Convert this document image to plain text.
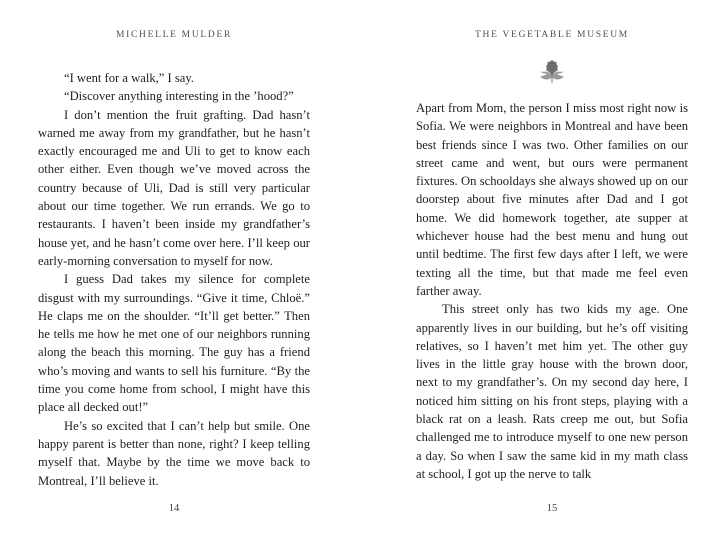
MICHELLE MULDER

“I went for a walk,” I say.

“Discover anything interesting in the ’hood?”

I don’t mention the fruit grafting. Dad hasn’t warned me away from my grandfather, but he hasn’t exactly encouraged me and Uli to get to know each other either. Even though we’ve moved across the country because of Uli, Dad is still very particular about our time together. We run errands. We go to restaurants. I haven’t been inside my grandfather’s house yet, and he hasn’t come over here. I’ll keep our early-morning conversation to myself for now.

I guess Dad takes my silence for complete disgust with my surroundings. “Give it time, Chloë.” He claps me on the shoulder. “It’ll get better.” Then he tells me how he met one of our neighbors running along the beach this morning. The guy has a friend who’s moving and wants to sell his furniture. “By the time you come home from school, I might have this place all decked out!”

He’s so excited that I can’t help but smile. One happy parent is better than none, right? I keep telling myself that. Maybe by the time we move back to Montreal, I’ll believe it.

14
THE VEGETABLE MUSEUM

Apart from Mom, the person I miss most right now is Sofia. We were neighbors in Montreal and have been best friends since I was two. Other families on our street came and went, but ours were permanent fixtures. On schooldays she always showed up on our doorstep about five minutes after Dad and I got home. We did homework together, ate supper at whichever house had the best menu and hung out until bedtime. The first few days after I left, we were texting all the time, but that made me feel even farther away.

This street only has two kids my age. One apparently lives in our building, but he’s off visiting relatives, so I haven’t met him yet. The other guy lives in the little gray house with the brown door, next to my grandfather’s. On my second day here, I noticed him sitting on his front steps, playing with a black rat on a leash. Rats creep me out, but Sofia challenged me to introduce myself to one new person a day. So when I saw the same kid in my math class at school, I got up the nerve to talk

15
